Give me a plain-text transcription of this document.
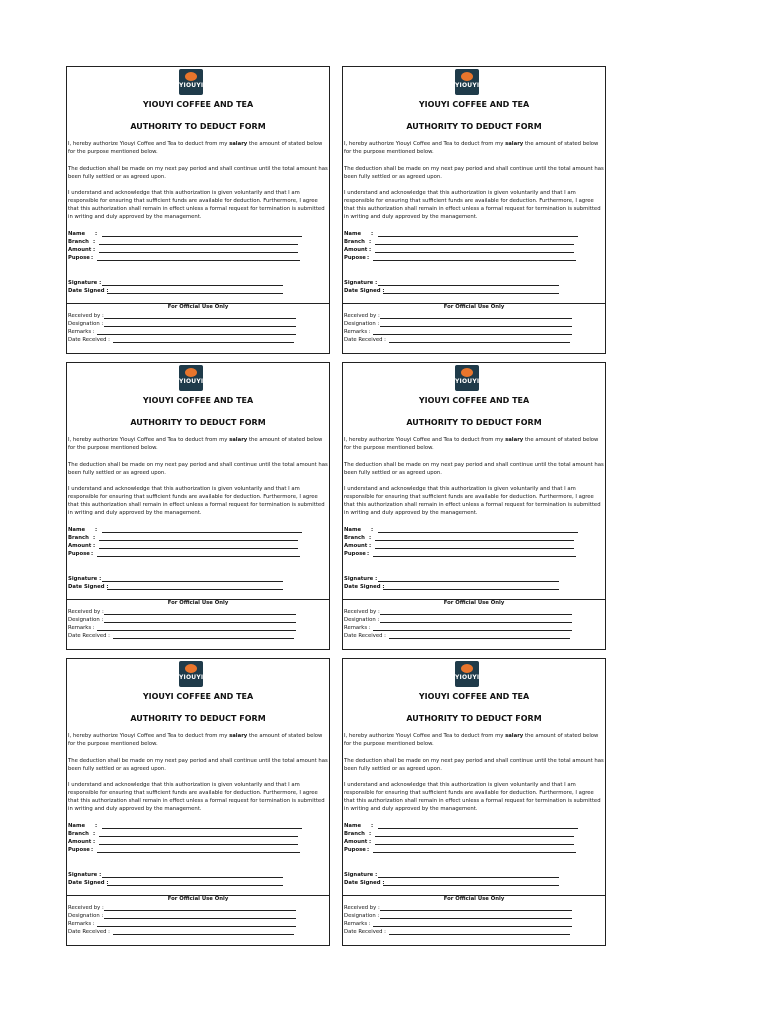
YIOUYI
YIOUYI COFFEE AND TEA
AUTHORITY TO DEDUCT FORM

I, hereby authorize Yiouyi Coffee and Tea to deduct from my salary the amount of stated below for the purpose mentioned below.

The deduction shall be made on my next pay period and shall continue until the total amount has been fully settled or as agreed upon.

I understand and acknowledge that this authorization is given voluntarily and that I am responsible for ensuring that sufficient funds are available for deduction. Furthermore, I agree that this authorization shall remain in effect unless a formal request for termination is submitted in writing and duly approved by the management.

Name :
Branch :
Amount :
Pupose :
Signature :
Date Signed :
For Official Use Only
Received by :
Designation :
Remarks :
Date Received :
YIOUYI
YIOUYI COFFEE AND TEA
AUTHORITY TO DEDUCT FORM

I, hereby authorize Yiouyi Coffee and Tea to deduct from my salary the amount of stated below for the purpose mentioned below.

The deduction shall be made on my next pay period and shall continue until the total amount has been fully settled or as agreed upon.

I understand and acknowledge that this authorization is given voluntarily and that I am responsible for ensuring that sufficient funds are available for deduction. Furthermore, I agree that this authorization shall remain in effect unless a formal request for termination is submitted in writing and duly approved by the management.

Name :
Branch :
Amount :
Pupose :
Signature :
Date Signed :
For Official Use Only
Received by :
Designation :
Remarks :
Date Received :
YIOUYI
YIOUYI COFFEE AND TEA
AUTHORITY TO DEDUCT FORM

I, hereby authorize Yiouyi Coffee and Tea to deduct from my salary the amount of stated below for the purpose mentioned below.

The deduction shall be made on my next pay period and shall continue until the total amount has been fully settled or as agreed upon.

I understand and acknowledge that this authorization is given voluntarily and that I am responsible for ensuring that sufficient funds are available for deduction. Furthermore, I agree that this authorization shall remain in effect unless a formal request for termination is submitted in writing and duly approved by the management.

Name :
Branch :
Amount :
Pupose :
Signature :
Date Signed :
For Official Use Only
Received by :
Designation :
Remarks :
Date Received :
YIOUYI
YIOUYI COFFEE AND TEA
AUTHORITY TO DEDUCT FORM

I, hereby authorize Yiouyi Coffee and Tea to deduct from my salary the amount of stated below for the purpose mentioned below.

The deduction shall be made on my next pay period and shall continue until the total amount has been fully settled or as agreed upon.

I understand and acknowledge that this authorization is given voluntarily and that I am responsible for ensuring that sufficient funds are available for deduction. Furthermore, I agree that this authorization shall remain in effect unless a formal request for termination is submitted in writing and duly approved by the management.

Name :
Branch :
Amount :
Pupose :
Signature :
Date Signed :
For Official Use Only
Received by :
Designation :
Remarks :
Date Received :
YIOUYI
YIOUYI COFFEE AND TEA
AUTHORITY TO DEDUCT FORM

I, hereby authorize Yiouyi Coffee and Tea to deduct from my salary the amount of stated below for the purpose mentioned below.

The deduction shall be made on my next pay period and shall continue until the total amount has been fully settled or as agreed upon.

I understand and acknowledge that this authorization is given voluntarily and that I am responsible for ensuring that sufficient funds are available for deduction. Furthermore, I agree that this authorization shall remain in effect unless a formal request for termination is submitted in writing and duly approved by the management.

Name :
Branch :
Amount :
Pupose :
Signature :
Date Signed :
For Official Use Only
Received by :
Designation :
Remarks :
Date Received :
YIOUYI
YIOUYI COFFEE AND TEA
AUTHORITY TO DEDUCT FORM

I, hereby authorize Yiouyi Coffee and Tea to deduct from my salary the amount of stated below for the purpose mentioned below.

The deduction shall be made on my next pay period and shall continue until the total amount has been fully settled or as agreed upon.

I understand and acknowledge that this authorization is given voluntarily and that I am responsible for ensuring that sufficient funds are available for deduction. Furthermore, I agree that this authorization shall remain in effect unless a formal request for termination is submitted in writing and duly approved by the management.

Name :
Branch :
Amount :
Pupose :
Signature :
Date Signed :
For Official Use Only
Received by :
Designation :
Remarks :
Date Received :
